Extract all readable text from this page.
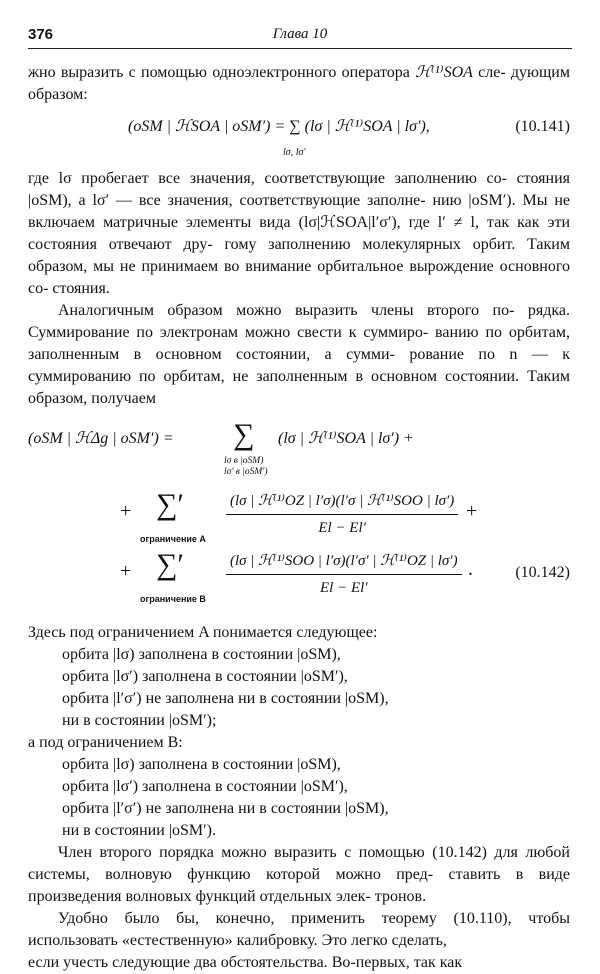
376	Глава 10

жно выразить с помощью одноэлектронного оператора ℋ⁽¹⁾SOA сле- дующим образом:

(oSM | ℋSOA | oSM′) = ∑ (lσ | ℋ⁽¹⁾SOA | lσ′),
lσ, lσ′
(10.141)

где lσ пробегает все значения, соответствующие заполнению со- стояния |oSM), а lσ′ — все значения, соответствующие заполне- нию |oSM′). Мы не включаем матричные элементы вида (lσ|ℋSOA|l′σ′), где l′ ≠ l, так как эти состояния отвечают дру- гому заполнению молекулярных орбит. Таким образом, мы не принимаем во внимание орбитальное вырождение основного со- стояния.

Аналогичным образом можно выразить члены второго по- рядка. Суммирование по электронам можно свести к суммиро- ванию по орбитам, заполненным в основном состоянии, а сумми- рование по n — к суммированию по орбитам, не заполненным в основном состоянии. Таким образом, получаем

(oSM | ℋΔg | oSM′) = ∑
lσ в |oSM)
lσ′ в |oSM′)
(lσ | ℋ⁽¹⁾SOA | lσ′) +
+ ∑′
ограничение A
(lσ | ℋ⁽¹⁾OZ | l′σ)(l′σ | ℋ⁽¹⁾SOO | lσ′)
El − El′
+
+ ∑′
ограничение B
(lσ | ℋ⁽¹⁾SOO | l′σ)(l′σ′ | ℋ⁽¹⁾OZ | lσ′)
El − El′
.	(10.142)

Здесь под ограничением A понимается следующее:

орбита |lσ) заполнена в состоянии |oSM),

орбита |lσ′) заполнена в состоянии |oSM′),

орбита |l′σ′) не заполнена ни в состоянии |oSM),

ни в состоянии |oSM′);

а под ограничением B:

орбита |lσ) заполнена в состоянии |oSM),

орбита |lσ′) заполнена в состоянии |oSM′),

орбита |l′σ′) не заполнена ни в состоянии |oSM),

ни в состоянии |oSM′).

Член второго порядка можно выразить с помощью (10.142) для любой системы, волновую функцию которой можно пред- ставить в виде произведения волновых функций отдельных элек- тронов.

Удобно было бы, конечно, применить теорему (10.110), чтобы использовать «естественную» калибровку. Это легко сделать,

если учесть следующие два обстоятельства. Во-первых, так как
